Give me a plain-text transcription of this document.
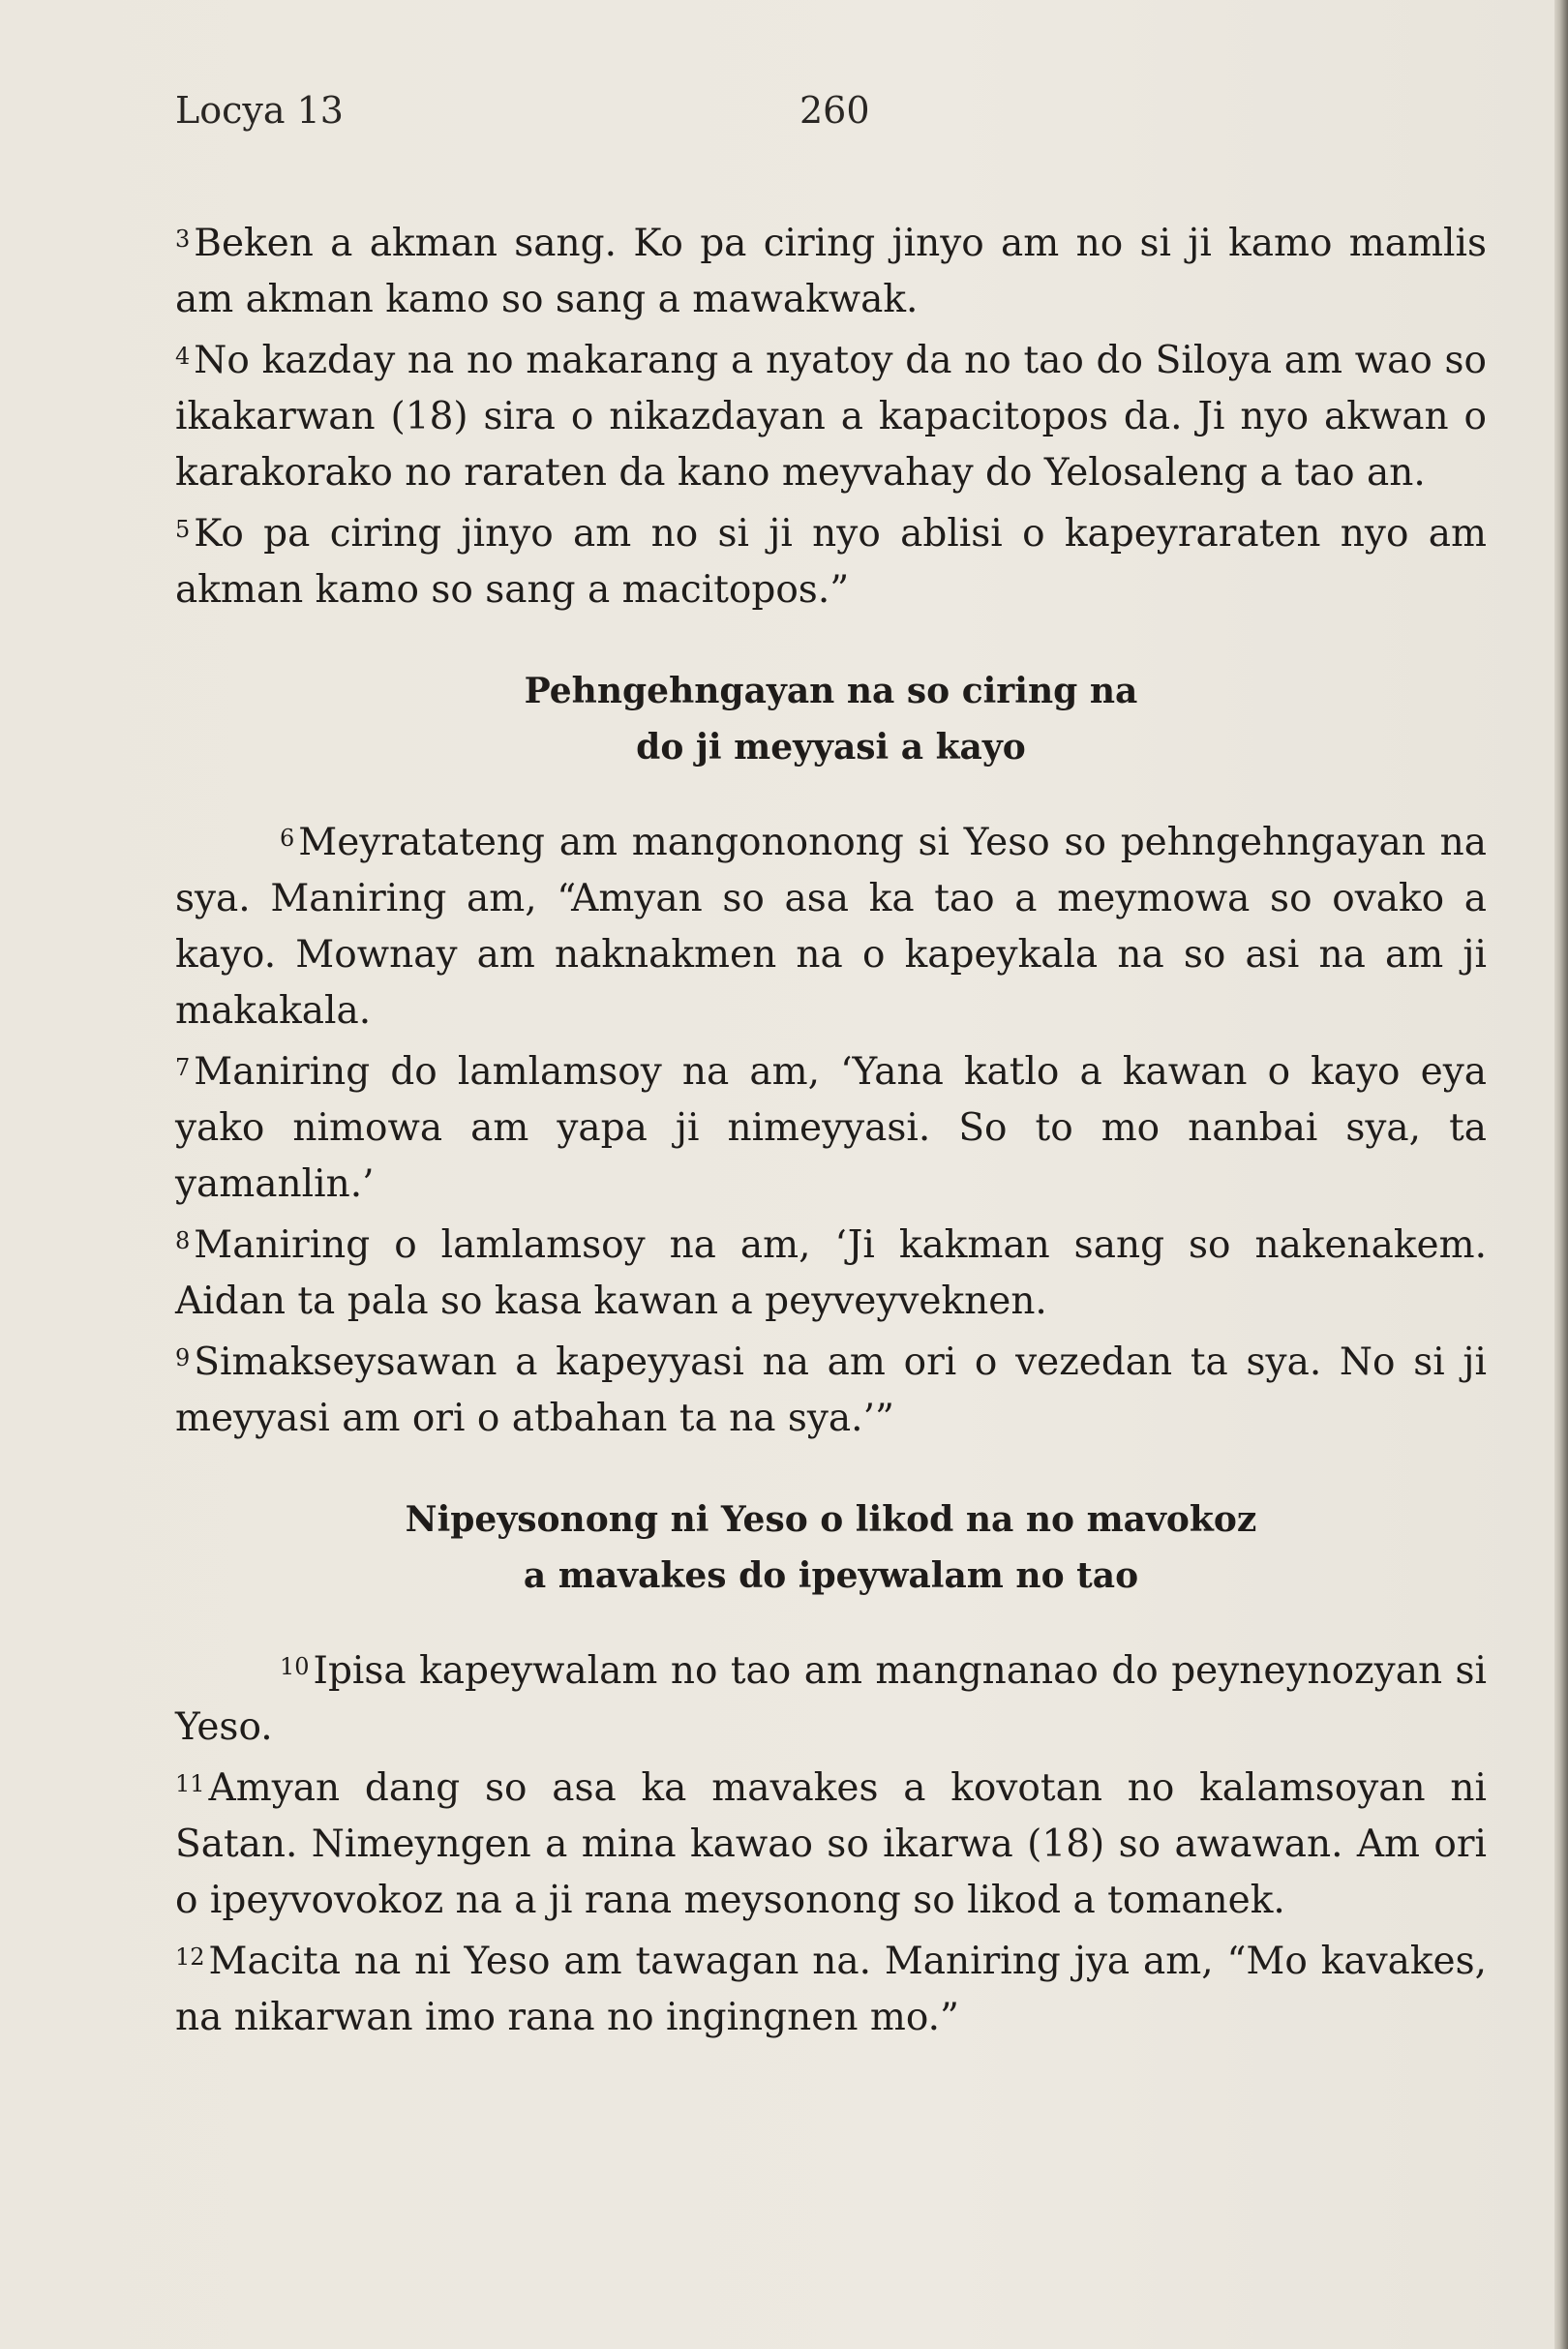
Locya 13	260

$^3$ Beken a akman sang. Ko pa ciring jinyo am no si ji kamo mamlis am akman kamo so sang a mawakwak.

$^4$ No kazday na no makarang a nyatoy da no tao do Siloya am wao so ikakarwan (18) sira o nikazdayan a kapacitopos da. Ji nyo akwan o karakorako no raraten da kano meyvahay do Yelosaleng a tao an.

$^5$ Ko pa ciring jinyo am no si ji nyo ablisi o kapeyraraten nyo am akman kamo so sang a macitopos.”

Pehngehngayan na so ciring na
do ji meyyasi a kayo

$^6$ Meyratateng am mangononong si Yeso so pehngehngayan na sya. Maniring am, “Amyan so asa ka tao a meymowa so ovako a kayo. Mownay am naknakmen na o kapeykala na so asi na am ji makakala.

$^7$ Maniring do lamlamsoy na am, ‘Yana katlo a kawan o kayo eya yako nimowa am yapa ji nimeyyasi. So to mo nanbai sya, ta yamanlin.’

$^8$ Maniring o lamlamsoy na am, ‘Ji kakman sang so nakenakem. Aidan ta pala so kasa kawan a peyveyveknen.

$^9$ Simakseysawan a kapeyyasi na am ori o vezedan ta sya. No si ji meyyasi am ori o atbahan ta na sya.’”

Nipeysonong ni Yeso o likod na no mavokoz
a mavakes do ipeywalam no tao

$^{10}$ Ipisa kapeywalam no tao am mangnanao do peyneynozyan si Yeso.

$^{11}$ Amyan dang so asa ka mavakes a kovotan no kalamsoyan ni Satan. Nimeyngen a mina kawao so ikarwa (18) so awawan. Am ori o ipeyvovokoz na a ji rana meysonong so likod a tomanek.

$^{12}$ Macita na ni Yeso am tawagan na. Maniring jya am, “Mo kavakes, na nikarwan imo rana no ingingnen mo.”
